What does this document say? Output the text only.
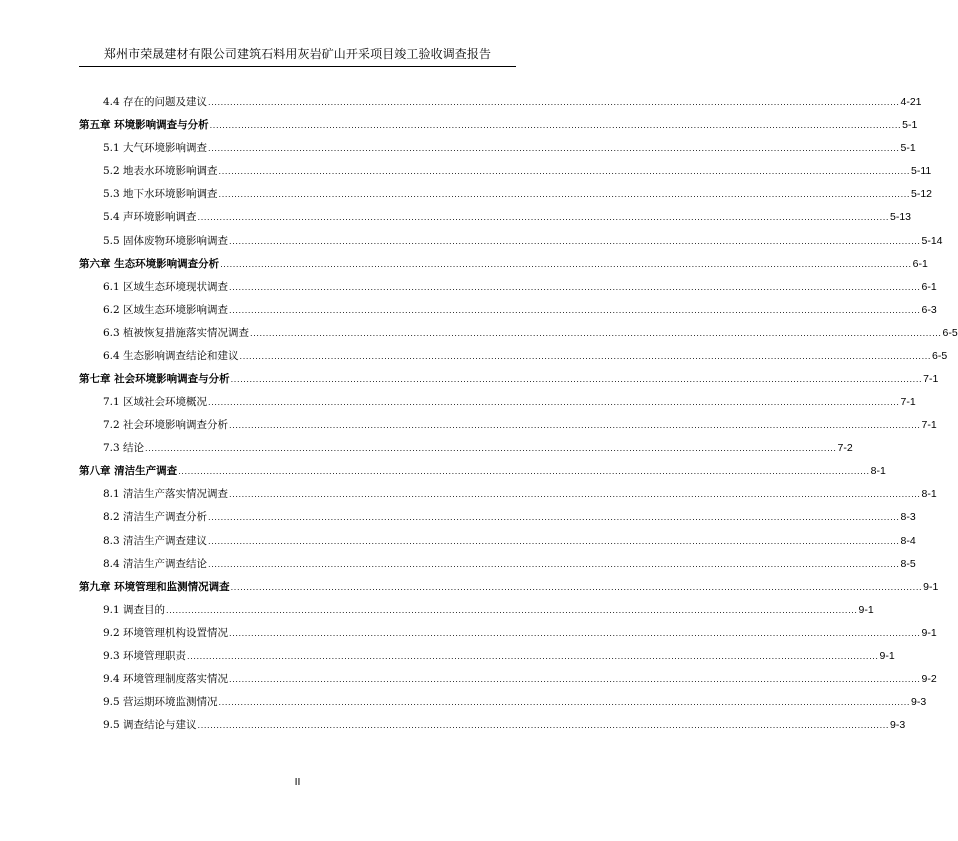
郑州市荣晟建材有限公司建筑石料用灰岩矿山开采项目竣工验收调查报告
4.4 存在的问题及建议 ............................................................................................................................................................................................................................ 4-21
第五章 环境影响调查与分析 ............................................................................................................................................................................................................................ 5-1
5.1 大气环境影响调查 ............................................................................................................................................................................................................................ 5-1
5.2 地表水环境影响调查 ............................................................................................................................................................................................................................ 5-11
5.3 地下水环境影响调查 ............................................................................................................................................................................................................................ 5-12
5.4 声环境影响调查 ............................................................................................................................................................................................................................ 5-13
5.5 固体废物环境影响调查 ............................................................................................................................................................................................................................ 5-14
第六章 生态环境影响调查分析 ............................................................................................................................................................................................................................ 6-1
6.1 区域生态环境现状调查 ............................................................................................................................................................................................................................ 6-1
6.2 区域生态环境影响调查 ............................................................................................................................................................................................................................ 6-3
6.3 植被恢复措施落实情况调查 ............................................................................................................................................................................................................................ 6-5
6.4 生态影响调查结论和建议 ............................................................................................................................................................................................................................ 6-5
第七章 社会环境影响调查与分析 ............................................................................................................................................................................................................................ 7-1
7.1 区域社会环境概况 ............................................................................................................................................................................................................................ 7-1
7.2 社会环境影响调查分析 ............................................................................................................................................................................................................................ 7-1
7.3 结论 ............................................................................................................................................................................................................................ 7-2
第八章 清洁生产调查 ............................................................................................................................................................................................................................ 8-1
8.1 清洁生产落实情况调查 ............................................................................................................................................................................................................................ 8-1
8.2 清洁生产调查分析 ............................................................................................................................................................................................................................ 8-3
8.3 清洁生产调查建议 ............................................................................................................................................................................................................................ 8-4
8.4 清洁生产调查结论 ............................................................................................................................................................................................................................ 8-5
第九章 环境管理和监测情况调查 ............................................................................................................................................................................................................................ 9-1
9.1 调查目的 ............................................................................................................................................................................................................................ 9-1
9.2 环境管理机构设置情况 ............................................................................................................................................................................................................................ 9-1
9.3 环境管理职责 ............................................................................................................................................................................................................................ 9-1
9.4 环境管理制度落实情况 ............................................................................................................................................................................................................................ 9-2
9.5 营运期环境监测情况 ............................................................................................................................................................................................................................ 9-3
9.5 调查结论与建议 ............................................................................................................................................................................................................................ 9-3
II
